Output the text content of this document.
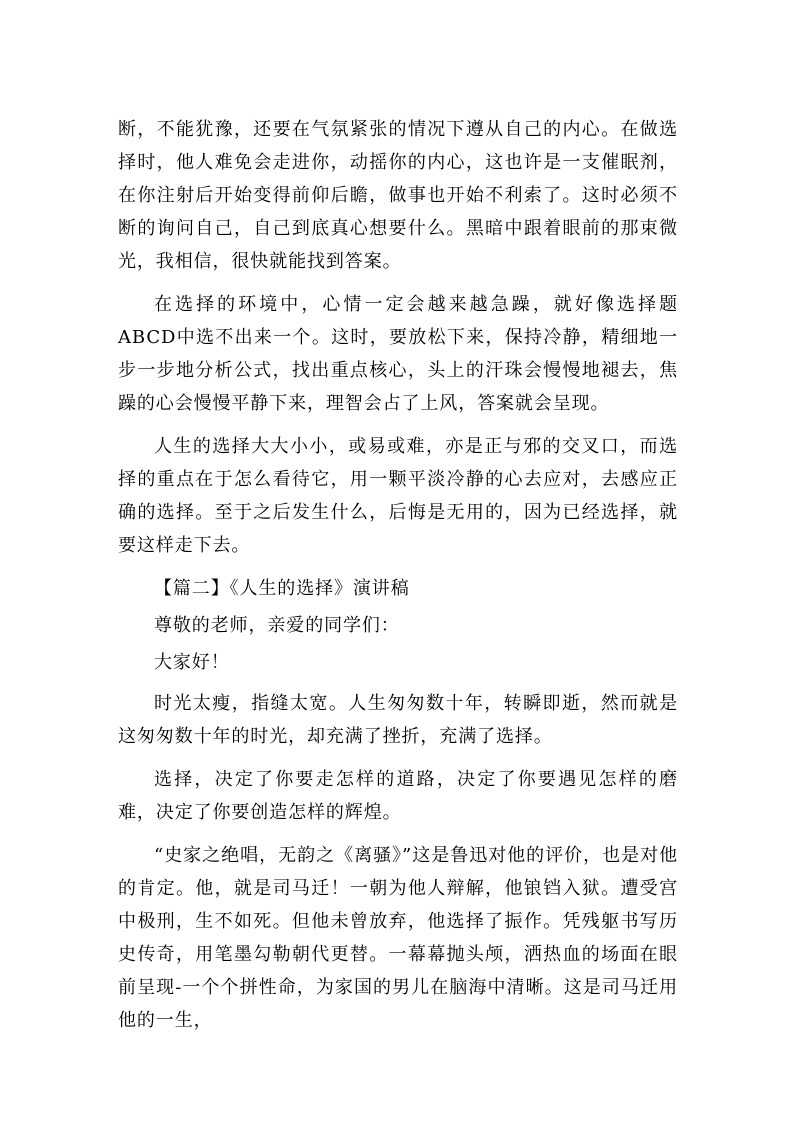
断，不能犹豫，还要在气氛紧张的情况下遵从自己的内心。在做选择时，他人难免会走进你，动摇你的内心，这也许是一支催眠剂，在你注射后开始变得前仰后瞻，做事也开始不利索了。这时必须不断的询问自己，自己到底真心想要什么。黑暗中跟着眼前的那束微光，我相信，很快就能找到答案。

在选择的环境中，心情一定会越来越急躁，就好像选择题ABCD中选不出来一个。这时，要放松下来，保持冷静，精细地一步一步地分析公式，找出重点核心，头上的汗珠会慢慢地褪去，焦躁的心会慢慢平静下来，理智会占了上风，答案就会呈现。

人生的选择大大小小，或易或难，亦是正与邪的交叉口，而选择的重点在于怎么看待它，用一颗平淡冷静的心去应对，去感应正确的选择。至于之后发生什么，后悔是无用的，因为已经选择，就要这样走下去。

【篇二】《人生的选择》演讲稿

尊敬的老师，亲爱的同学们：

大家好！

时光太瘦，指缝太宽。人生匆匆数十年，转瞬即逝，然而就是这匆匆数十年的时光，却充满了挫折，充满了选择。

选择，决定了你要走怎样的道路，决定了你要遇见怎样的磨难，决定了你要创造怎样的辉煌。

“史家之绝唱，无韵之《离骚》”这是鲁迅对他的评价，也是对他的肯定。他，就是司马迁！一朝为他人辩解，他锒铛入狱。遭受宫中极刑，生不如死。但他未曾放弃，他选择了振作。凭残躯书写历史传奇，用笔墨勾勒朝代更替。一幕幕抛头颅，洒热血的场面在眼前呈现-一个个拼性命，为家国的男儿在脑海中清晰。这是司马迁用他的一生，
